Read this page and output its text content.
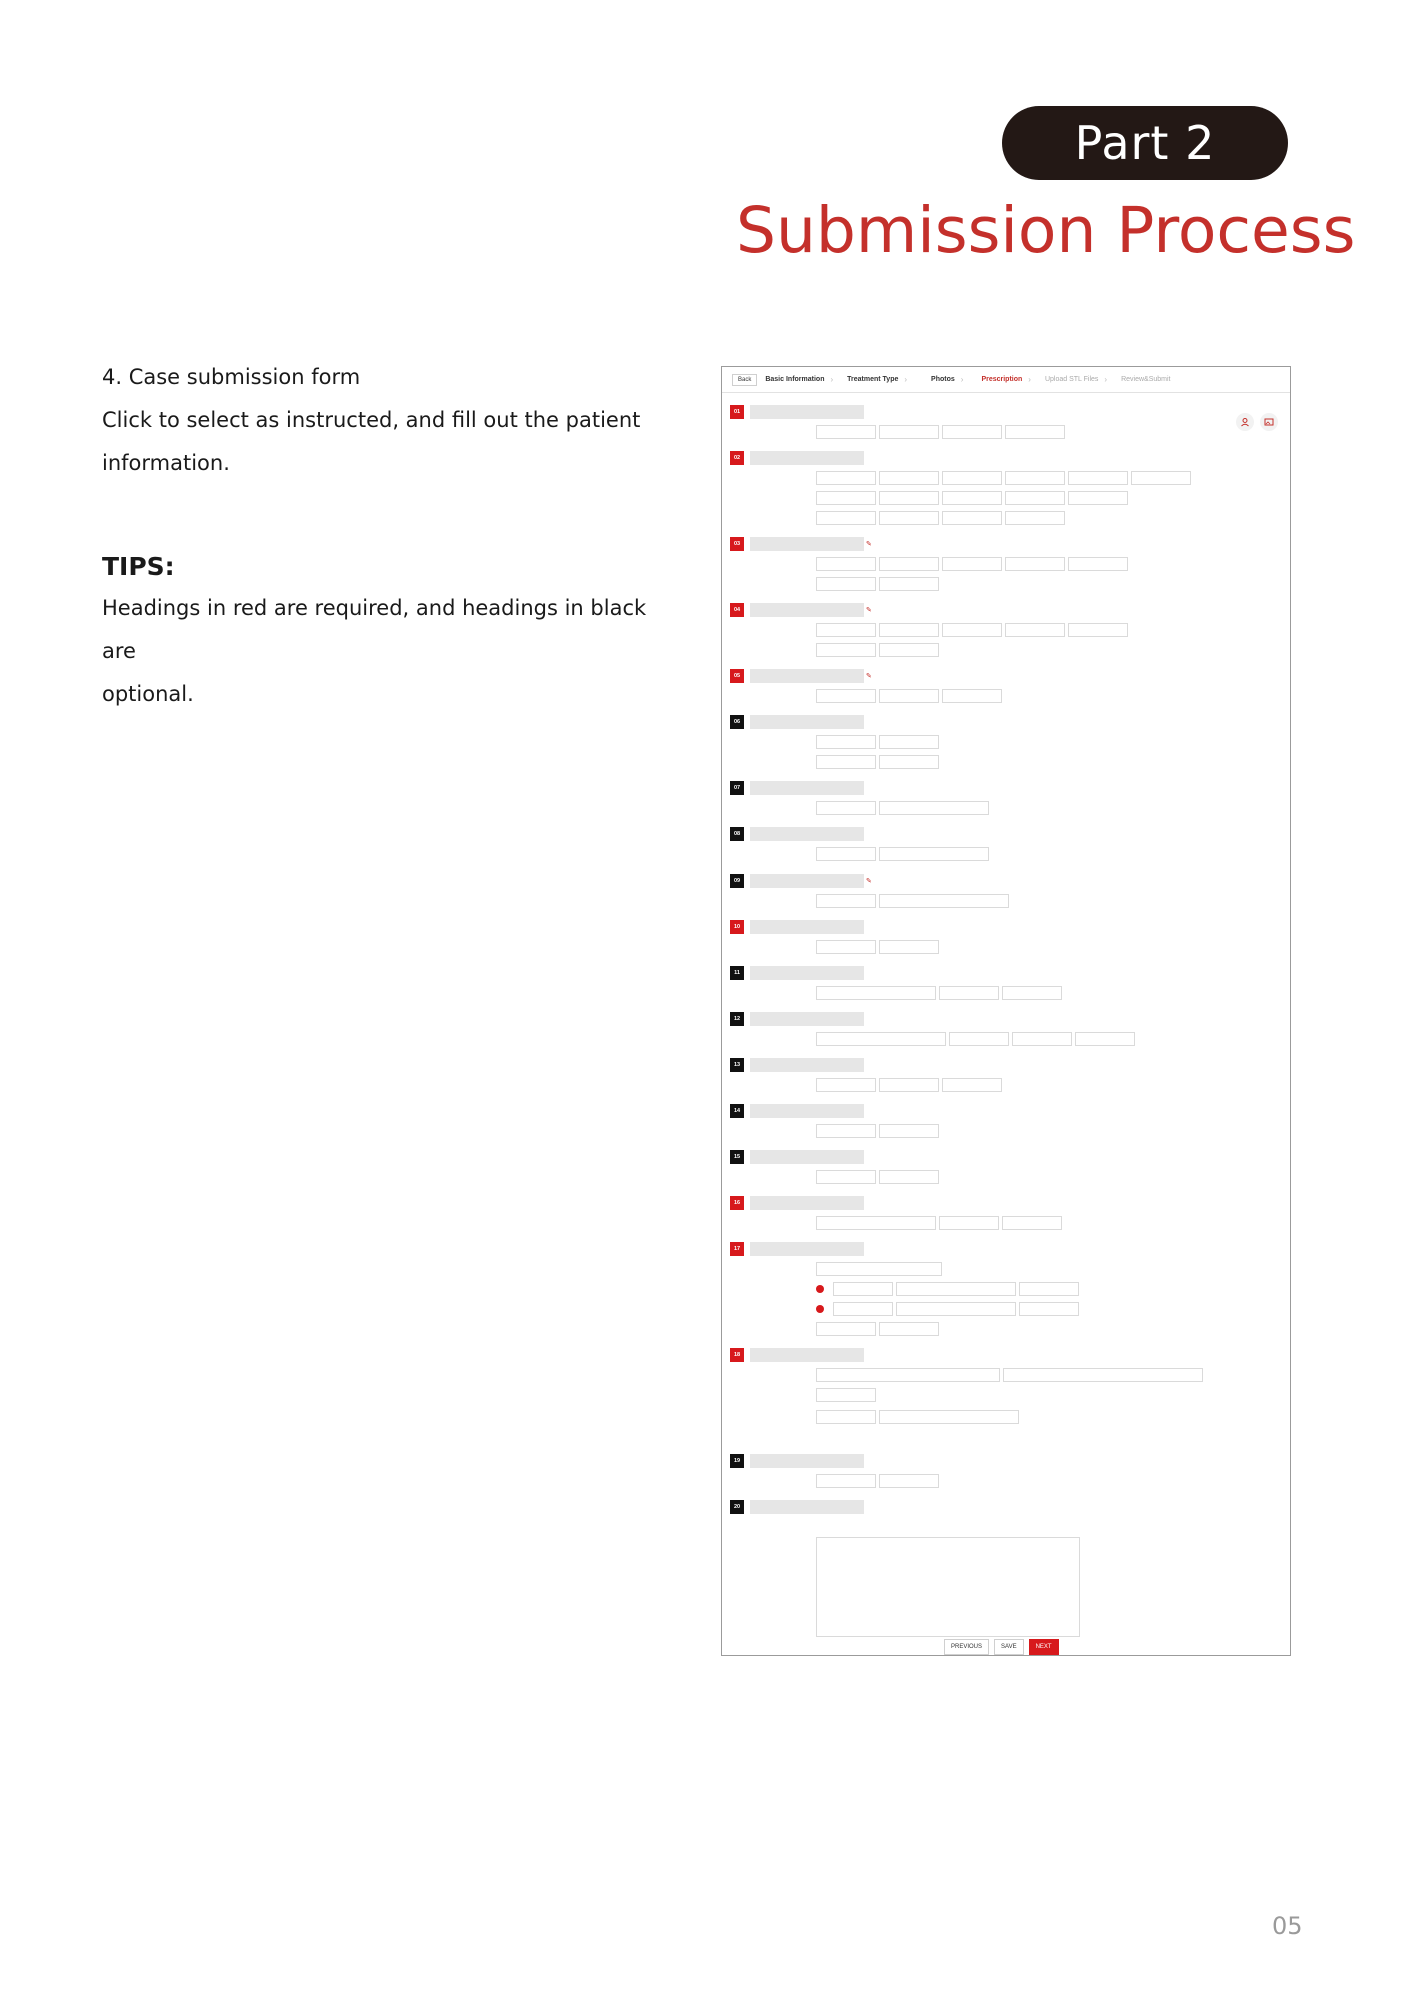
Part 2
Submission Process
4. Case submission form
Click to select as instructed, and fill out the patient
information.
TIPS:
Headings in red are required, and headings in black are
optional.
Back	Basic Information › Treatment Type ›	Photos ›	Prescription › Upload STL Files › Review&Submit
01
02
03	✎
04	✎
05	✎
06
07
08
09	✎
10
11
12
13
14
15
16
17
18
19
20
PREVIOUS	SAVE	NEXT
05
